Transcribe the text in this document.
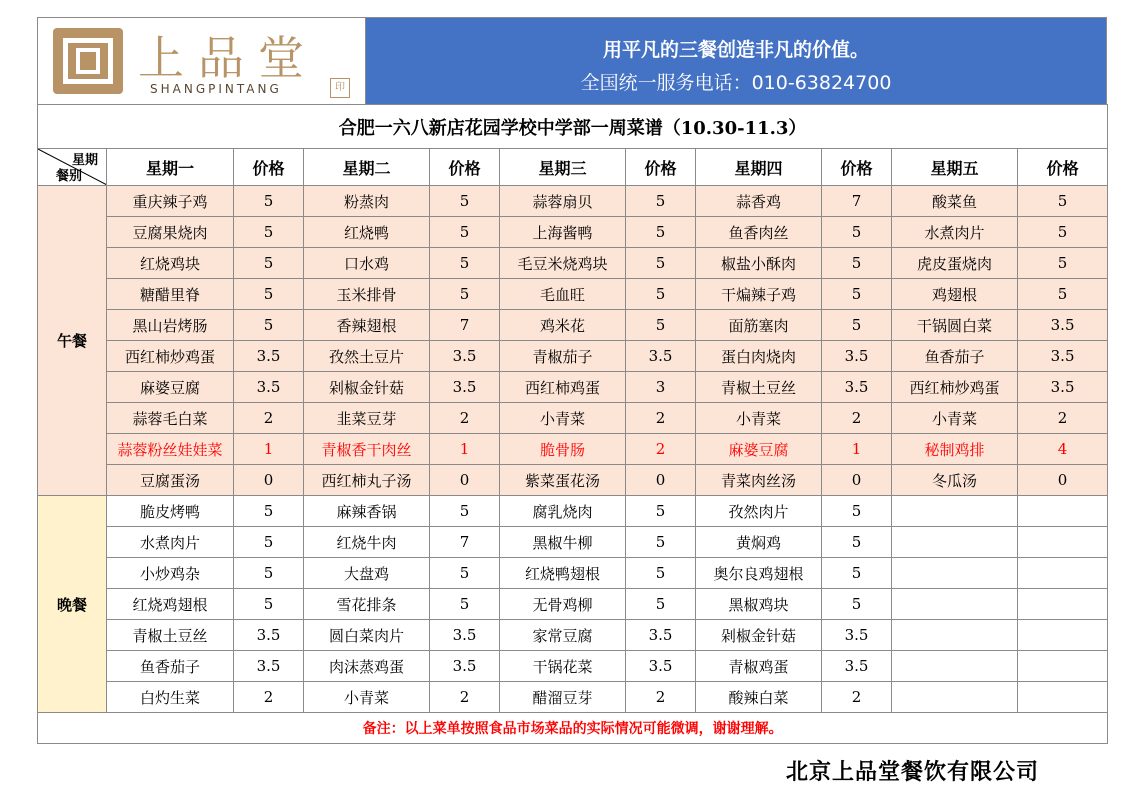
上品堂
SHANGPINTANG	印
用平凡的三餐创造非凡的价值。
全国统一服务电话：010-63824700
合肥一六八新店花园学校中学部一周菜谱（10.30-11.3）										

星期
餐别	星期一	价格	星期二	价格	星期三	价格	星期四	价格	星期五	价格
午餐	重庆辣子鸡	5	粉蒸肉	5	蒜蓉扇贝	5	蒜香鸡	7	酸菜鱼	5
	豆腐果烧肉	5	红烧鸭	5	上海酱鸭	5	鱼香肉丝	5	水煮肉片	5
	红烧鸡块	5	口水鸡	5	毛豆米烧鸡块	5	椒盐小酥肉	5	虎皮蛋烧肉	5
	糖醋里脊	5	玉米排骨	5	毛血旺	5	干煸辣子鸡	5	鸡翅根	5
	黑山岩烤肠	5	香辣翅根	7	鸡米花	5	面筋塞肉	5	干锅圆白菜	3.5
	西红柿炒鸡蛋	3.5	孜然土豆片	3.5	青椒茄子	3.5	蛋白肉烧肉	3.5	鱼香茄子	3.5
	麻婆豆腐	3.5	剁椒金针菇	3.5	西红柿鸡蛋	3	青椒土豆丝	3.5	西红柿炒鸡蛋	3.5
	蒜蓉毛白菜	2	韭菜豆芽	2	小青菜	2	小青菜	2	小青菜	2
	蒜蓉粉丝娃娃菜	1	青椒香干肉丝	1	脆骨肠	2	麻婆豆腐	1	秘制鸡排	4
	豆腐蛋汤	0	西红柿丸子汤	0	紫菜蛋花汤	0	青菜肉丝汤	0	冬瓜汤	0
晚餐	脆皮烤鸭	5	麻辣香锅	5	腐乳烧肉	5	孜然肉片	5		
	水煮肉片	5	红烧牛肉	7	黑椒牛柳	5	黄焖鸡	5		
	小炒鸡杂	5	大盘鸡	5	红烧鸭翅根	5	奥尔良鸡翅根	5		
	红烧鸡翅根	5	雪花排条	5	无骨鸡柳	5	黑椒鸡块	5		
	青椒土豆丝	3.5	圆白菜肉片	3.5	家常豆腐	3.5	剁椒金针菇	3.5		
	鱼香茄子	3.5	肉沫蒸鸡蛋	3.5	干锅花菜	3.5	青椒鸡蛋	3.5		
	白灼生菜	2	小青菜	2	醋溜豆芽	2	酸辣白菜	2		
备注：以上菜单按照食品市场菜品的实际情况可能微调，谢谢理解。										
北京上品堂餐饮有限公司
